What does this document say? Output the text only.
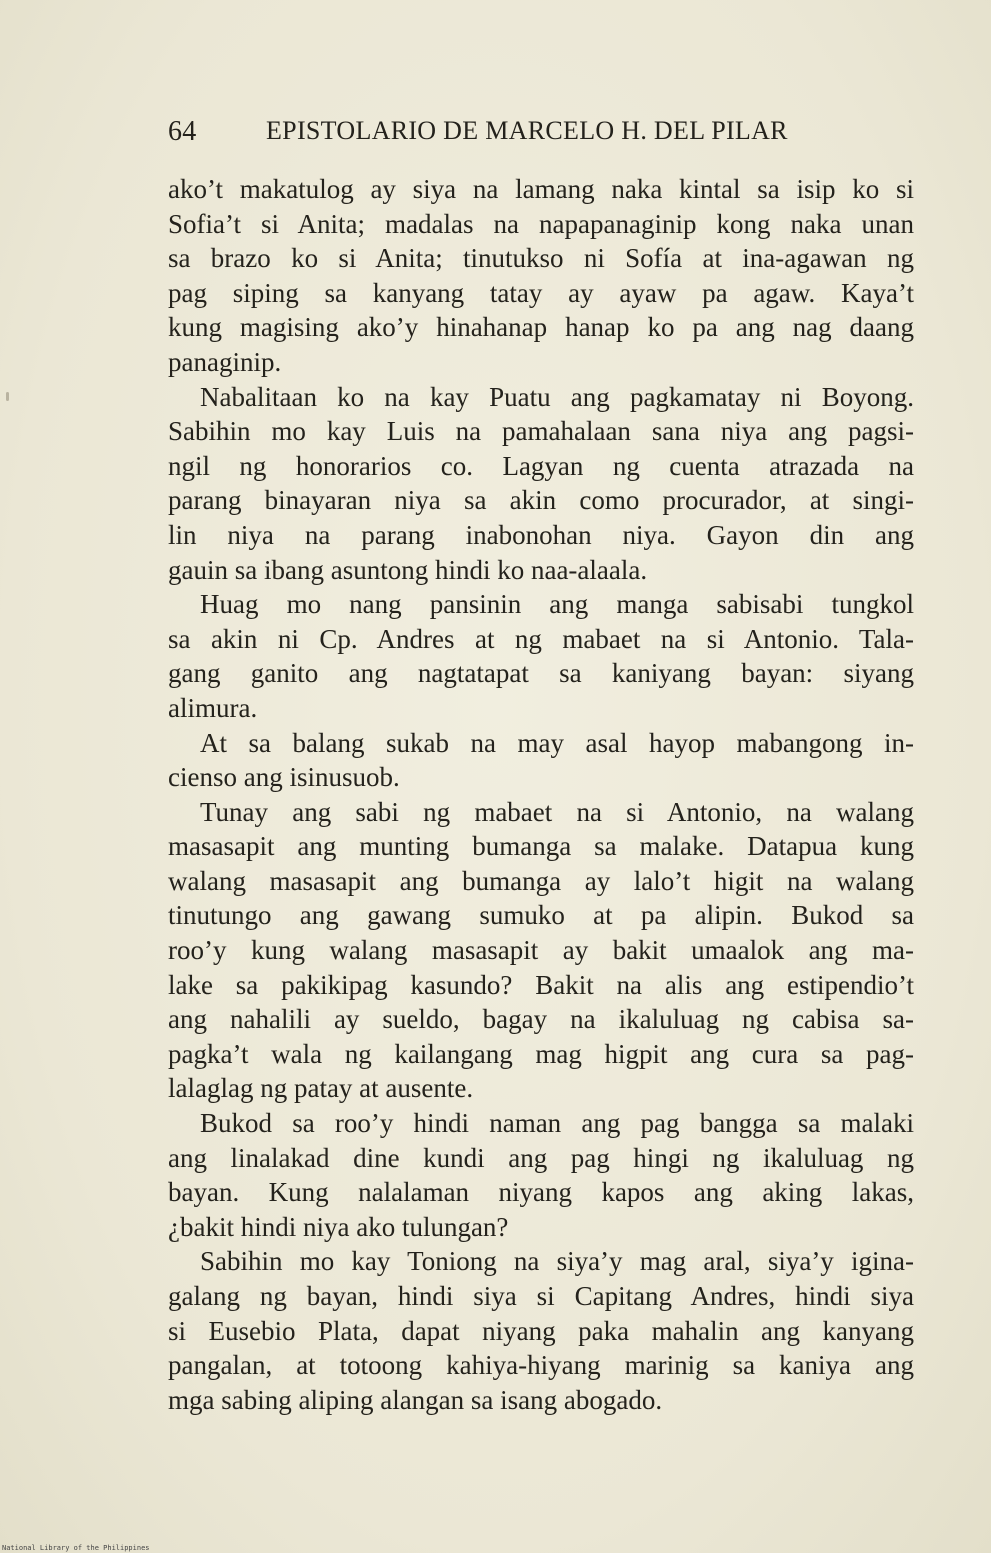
64	EPISTOLARIO DE MARCELO H. DEL PILAR
ako’t makatulog ay siya na lamang naka kintal sa isip ko si
Sofia’t si Anita; madalas na napapanaginip kong naka unan
sa brazo ko si Anita; tinutukso ni Sofía at ina-agawan ng
pag siping sa kanyang tatay ay ayaw pa agaw. Kaya’t
kung magising ako’y hinahanap hanap ko pa ang nag daang
panaginip.
Nabalitaan ko na kay Puatu ang pagkamatay ni Boyong.
Sabihin mo kay Luis na pamahalaan sana niya ang pagsi-
ngil ng honorarios co. Lagyan ng cuenta atrazada na
parang binayaran niya sa akin como procurador, at singi-
lin niya na parang inabonohan niya. Gayon din ang
gauin sa ibang asuntong hindi ko naa-alaala.
Huag mo nang pansinin ang manga sabisabi tungkol
sa akin ni Cp. Andres at ng mabaet na si Antonio. Tala-
gang ganito ang nagtatapat sa kaniyang bayan: siyang
alimura.
At sa balang sukab na may asal hayop mabangong in-
cienso ang isinusuob.
Tunay ang sabi ng mabaet na si Antonio, na walang
masasapit ang munting bumanga sa malake. Datapua kung
walang masasapit ang bumanga ay lalo’t higit na walang
tinutungo ang gawang sumuko at pa alipin. Bukod sa
roo’y kung walang masasapit ay bakit umaalok ang ma-
lake sa pakikipag kasundo? Bakit na alis ang estipendio’t
ang nahalili ay sueldo, bagay na ikaluluag ng cabisa sa-
pagka’t wala ng kailangang mag higpit ang cura sa pag-
lalaglag ng patay at ausente.
Bukod sa roo’y hindi naman ang pag bangga sa malaki
ang linalakad dine kundi ang pag hingi ng ikaluluag ng
bayan. Kung nalalaman niyang kapos ang aking lakas,
¿bakit hindi niya ako tulungan?
Sabihin mo kay Toniong na siya’y mag aral, siya’y igina-
galang ng bayan, hindi siya si Capitang Andres, hindi siya
si Eusebio Plata, dapat niyang paka mahalin ang kanyang
pangalan, at totoong kahiya-hiyang marinig sa kaniya ang
mga sabing aliping alangan sa isang abogado.
National Library of the Philippines
